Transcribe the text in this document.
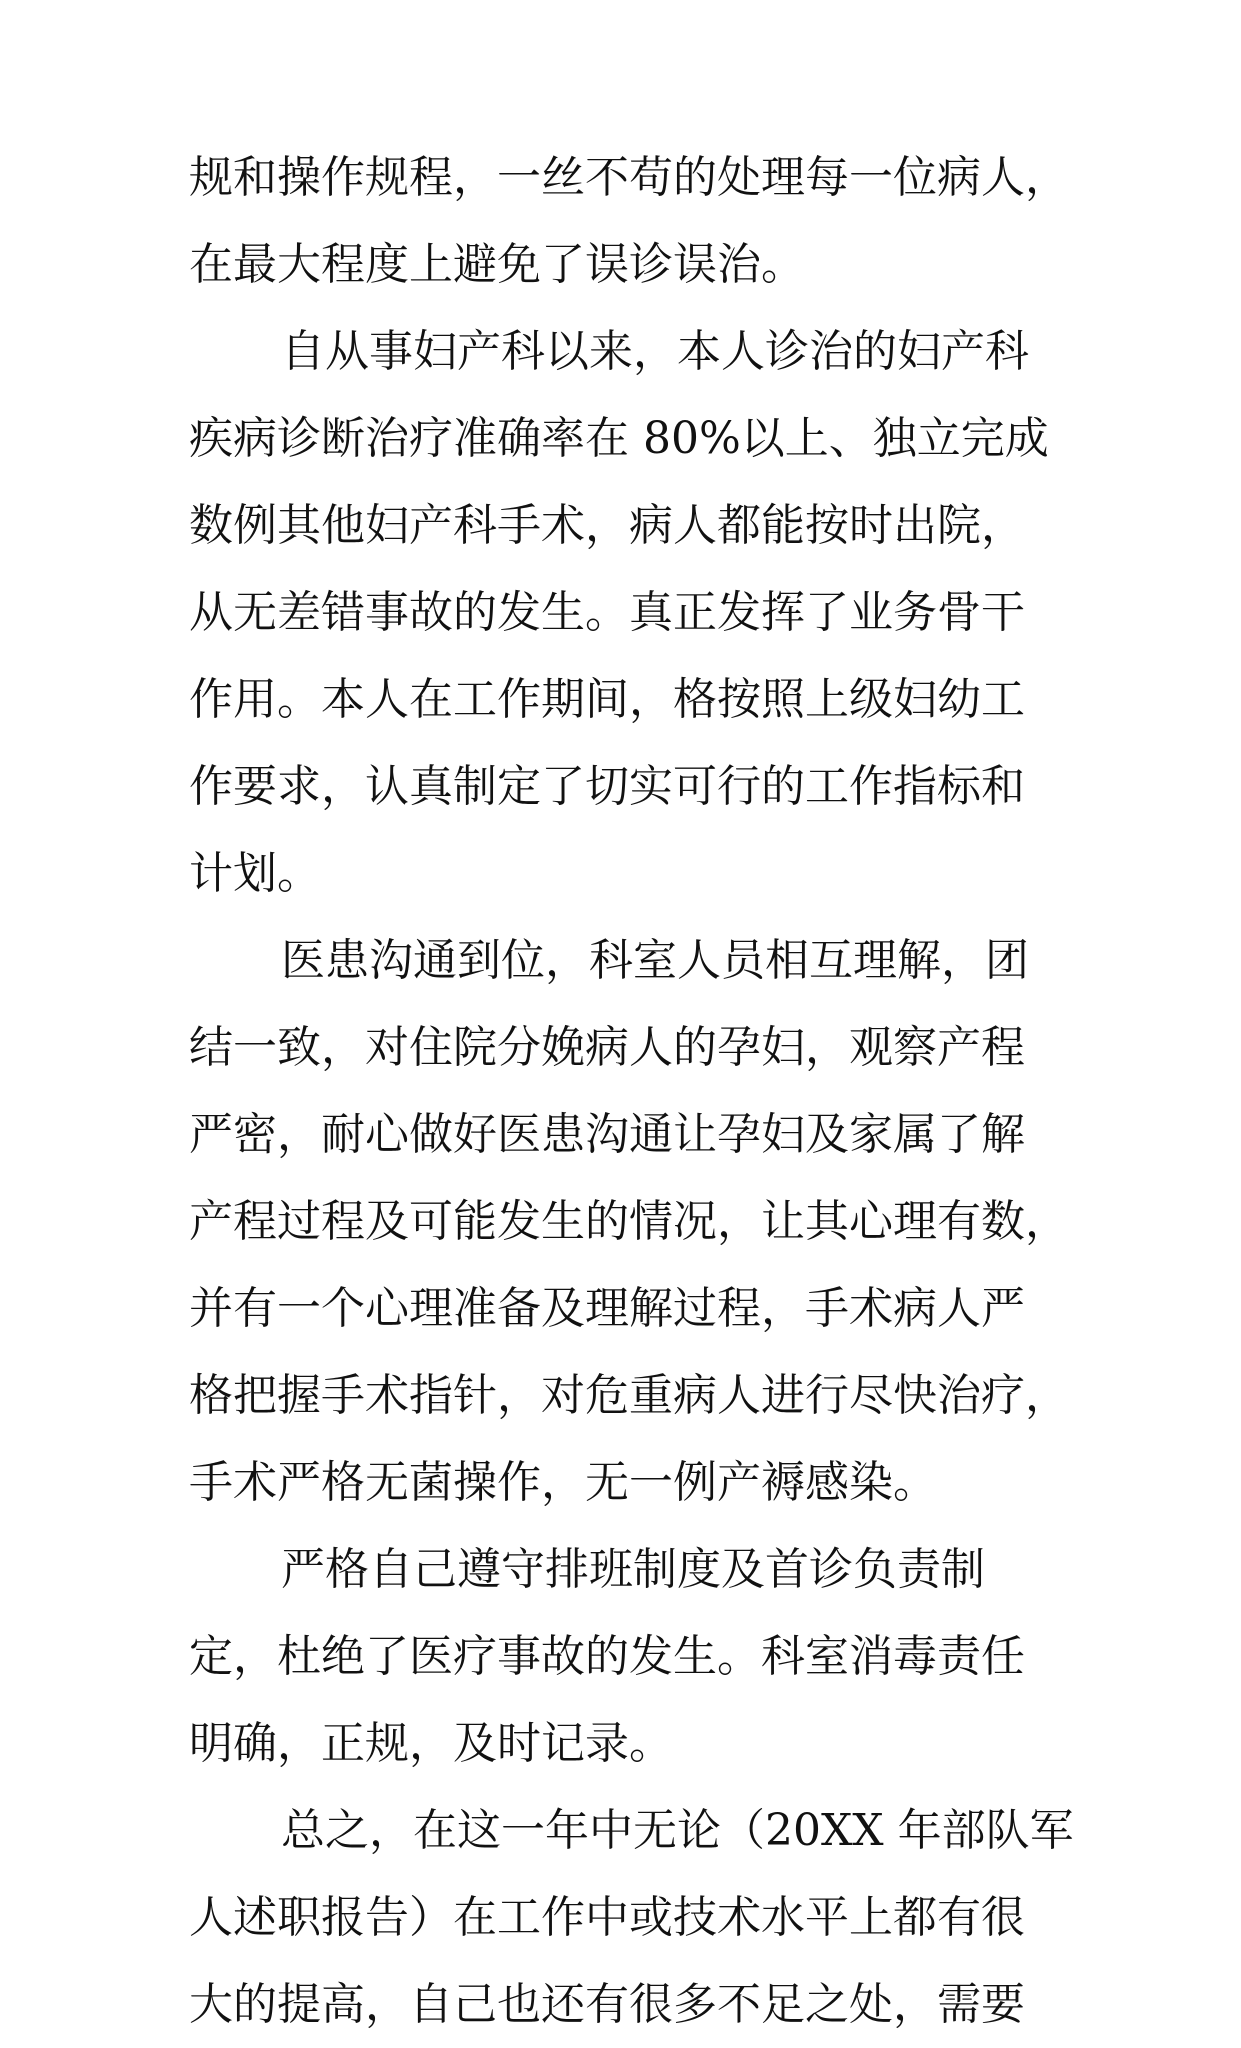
规和操作规程，一丝不苟的处理每一位病人，
在最大程度上避免了误诊误治。
自从事妇产科以来，本人诊治的妇产科
疾病诊断治疗准确率在 80%以上、独立完成
数例其他妇产科手术，病人都能按时出院，
从无差错事故的发生。真正发挥了业务骨干
作用。本人在工作期间，格按照上级妇幼工
作要求，认真制定了切实可行的工作指标和
计划。
医患沟通到位，科室人员相互理解，团
结一致，对住院分娩病人的孕妇，观察产程
严密，耐心做好医患沟通让孕妇及家属了解
产程过程及可能发生的情况，让其心理有数，
并有一个心理准备及理解过程，手术病人严
格把握手术指针，对危重病人进行尽快治疗，
手术严格无菌操作，无一例产褥感染。
严格自己遵守排班制度及首诊负责制
定，杜绝了医疗事故的发生。科室消毒责任
明确，正规，及时记录。
总之，在这一年中无论（20XX 年部队军
人述职报告）在工作中或技术水平上都有很
大的提高，自己也还有很多不足之处，需要
